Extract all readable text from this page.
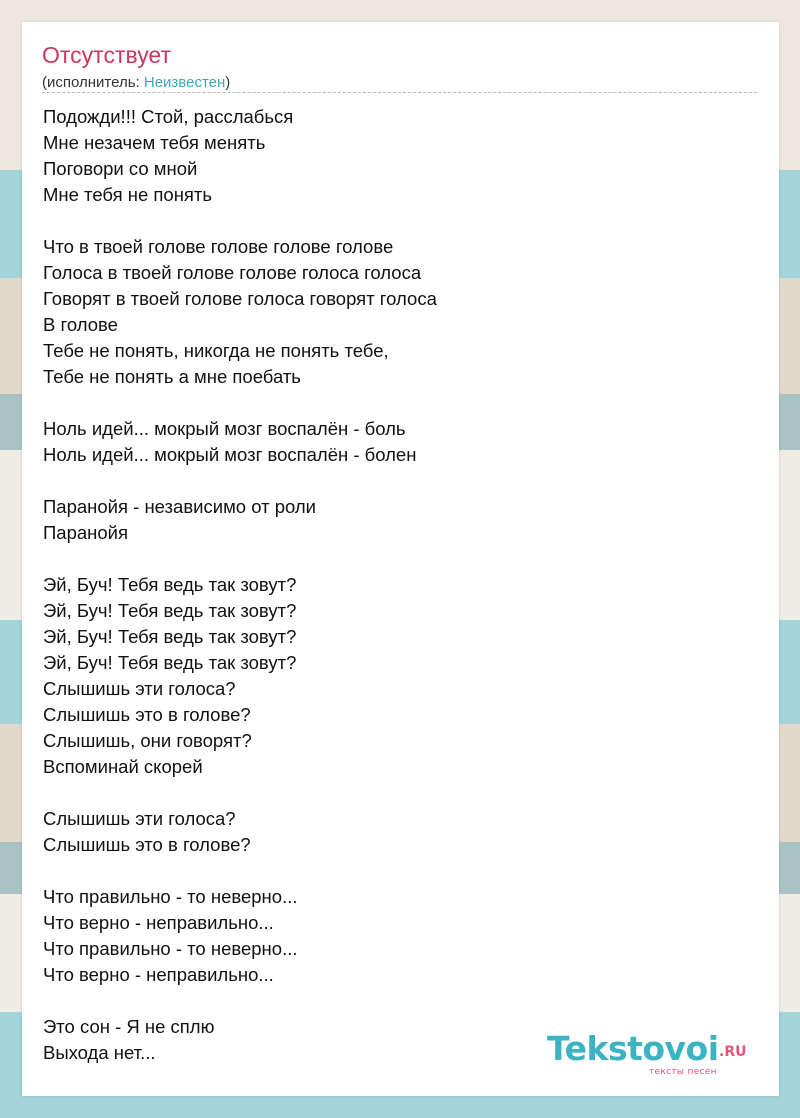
Отсутствует
(исполнитель: Неизвестен)
Подожди!!! Стой, расслабься
Мне незачем тебя менять
Поговори со мной
Мне тебя не понять
Что в твоей голове голове голове голове
Голоса в твоей голове голове голоса голоса
Говорят в твоей голове голоса говорят голоса
В голове
Тебе не понять, никогда не понять тебе,
Тебе не понять а мне поебать
Ноль идей... мокрый мозг воспалён - боль
Ноль идей... мокрый мозг воспалён - болен
Паранойя - независимо от роли
Паранойя
Эй, Буч! Тебя ведь так зовут?
Эй, Буч! Тебя ведь так зовут?
Эй, Буч! Тебя ведь так зовут?
Эй, Буч! Тебя ведь так зовут?
Слышишь эти голоса?
Слышишь это в голове?
Слышишь, они говорят?
Вспоминай скорей
Слышишь эти голоса?
Слышишь это в голове?
Что правильно - то неверно...
Что верно - неправильно...
Что правильно - то неверно...
Что верно - неправильно...
Это сон - Я не сплю
Выхода нет...	Tekstovoi .RU
тексты песен
